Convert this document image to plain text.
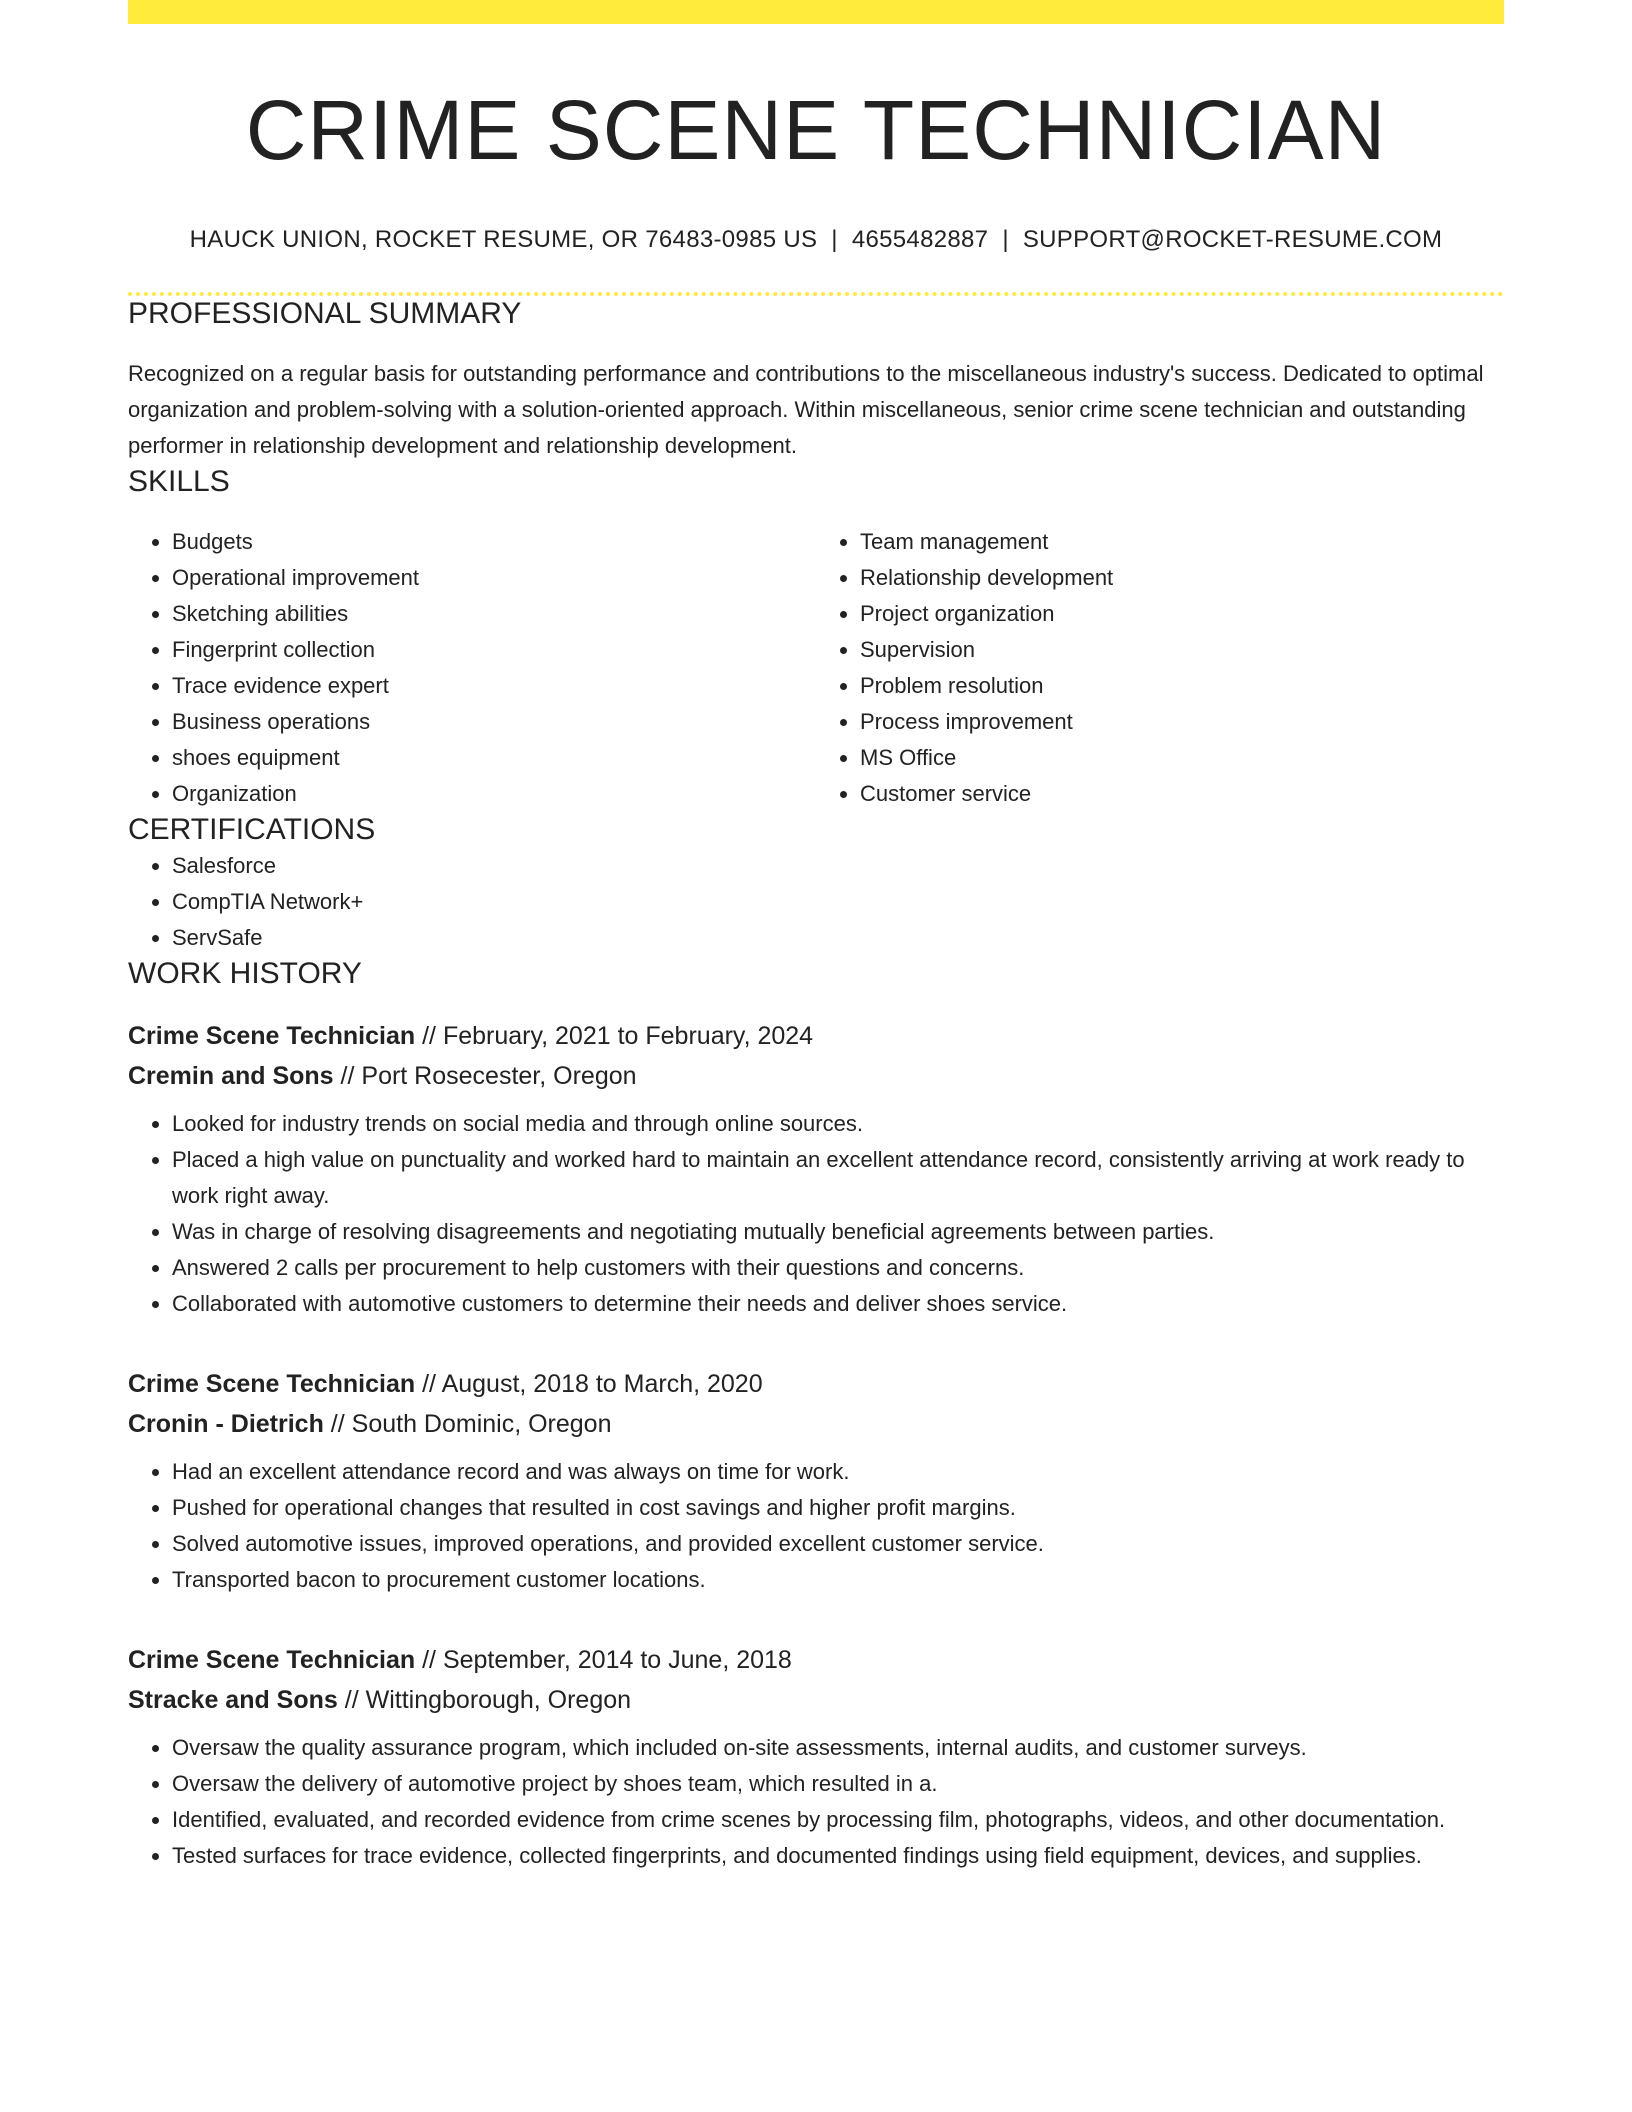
CRIME SCENE TECHNICIAN
HAUCK UNION, ROCKET RESUME, OR 76483-0985 US | 4655482887 | SUPPORT@ROCKET-RESUME.COM
PROFESSIONAL SUMMARY

Recognized on a regular basis for outstanding performance and contributions to the miscellaneous industry's success. Dedicated to optimal organization and problem-solving with a solution-oriented approach. Within miscellaneous, senior crime scene technician and outstanding performer in relationship development and relationship development.

SKILLS
• Budgets
• Operational improvement
• Sketching abilities
• Fingerprint collection
• Trace evidence expert
• Business operations
• shoes equipment
• Organization
• Team management
• Relationship development
• Project organization
• Supervision
• Problem resolution
• Process improvement
• MS Office
• Customer service
CERTIFICATIONS
• Salesforce
• CompTIA Network+
• ServSafe
WORK HISTORY
Crime Scene Technician // February, 2021 to February, 2024
Cremin and Sons // Port Rosecester, Oregon
• Looked for industry trends on social media and through online sources.
• Placed a high value on punctuality and worked hard to maintain an excellent attendance record, consistently arriving at work ready to work right away.
• Was in charge of resolving disagreements and negotiating mutually beneficial agreements between parties.
• Answered 2 calls per procurement to help customers with their questions and concerns.
• Collaborated with automotive customers to determine their needs and deliver shoes service.
Crime Scene Technician // August, 2018 to March, 2020
Cronin - Dietrich // South Dominic, Oregon
• Had an excellent attendance record and was always on time for work.
• Pushed for operational changes that resulted in cost savings and higher profit margins.
• Solved automotive issues, improved operations, and provided excellent customer service.
• Transported bacon to procurement customer locations.
Crime Scene Technician // September, 2014 to June, 2018
Stracke and Sons // Wittingborough, Oregon
• Oversaw the quality assurance program, which included on-site assessments, internal audits, and customer surveys.
• Oversaw the delivery of automotive project by shoes team, which resulted in a.
• Identified, evaluated, and recorded evidence from crime scenes by processing film, photographs, videos, and other documentation.
• Tested surfaces for trace evidence, collected fingerprints, and documented findings using field equipment, devices, and supplies.
